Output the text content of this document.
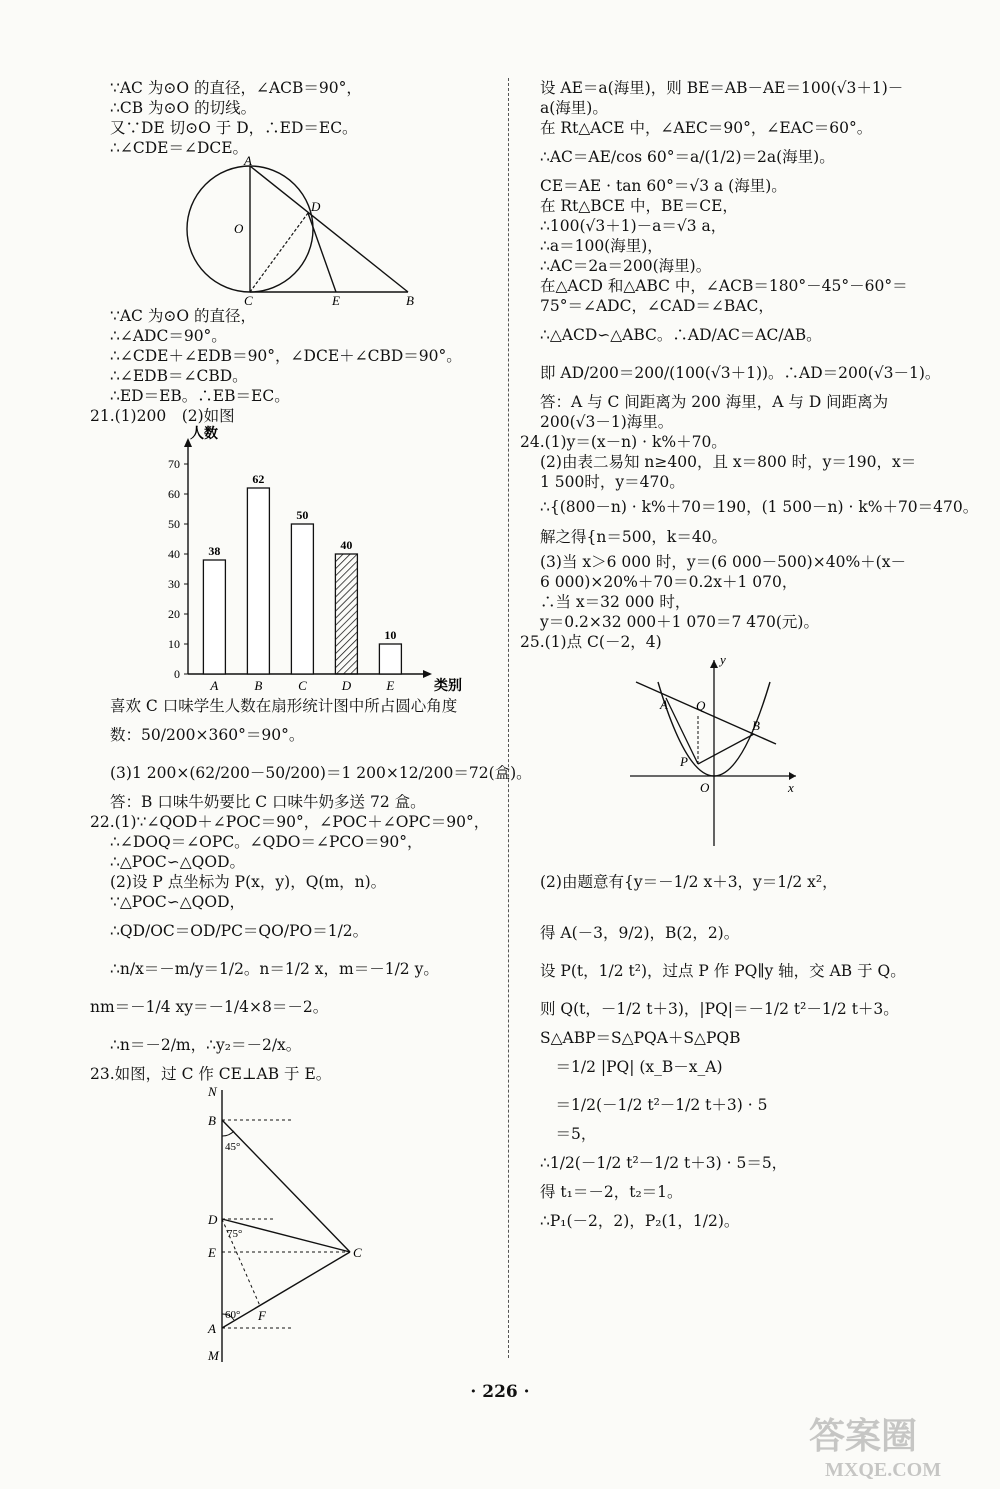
∵AC 为⊙O 的直径，∠ACB＝90°，
∴CB 为⊙O 的切线。
又∵DE 切⊙O 于 D，∴ED＝EC。
∴∠CDE＝∠DCE。
A
O
D
C	E	B
∵AC 为⊙O 的直径，
∴∠ADC＝90°。
∴∠CDE＋∠EDB＝90°，∠DCE＋∠CBD＝90°。
∴∠EDB＝∠CBD。
∴ED＝EB。∴EB＝EC。
21.(1)200　(2)如图
0
10
20
30
40
50
60
70
人数
类别
38
A
62
B
50
C
40
D
10
E
喜欢 C 口味学生人数在扇形统计图中所占圆心角度
数：50/200×360°＝90°。
(3)1 200×(62/200－50/200)＝1 200×12/200＝72(盒)。
答：B 口味牛奶要比 C 口味牛奶多送 72 盒。
22.(1)∵∠QOD＋∠POC＝90°，∠POC＋∠OPC＝90°，
∴∠DOQ＝∠OPC。∠QDO＝∠PCO＝90°，
∴△POC∽△QOD。
(2)设 P 点坐标为 P(x，y)，Q(m，n)。
∵△POC∽△QOD，
∴QD/OC＝OD/PC＝QO/PO＝1/2。
∴n/x＝－m/y＝1/2。n＝1/2 x，m＝－1/2 y。
nm＝－1/4 xy＝－1/4×8＝－2。
∴n＝－2/m，∴y₂＝－2/x。
23.如图，过 C 作 CE⊥AB 于 E。
N
B
45°
D
75°
E	C
60° F
A
M
设 AE＝a(海里)，则 BE＝AB－AE＝100(√3＋1)－
a(海里)。
在 Rt△ACE 中，∠AEC＝90°，∠EAC＝60°。
∴AC＝AE/cos 60°＝a/(1/2)＝2a(海里)。
CE＝AE · tan 60°＝√3 a (海里)。
在 Rt△BCE 中，BE＝CE，
∴100(√3＋1)－a＝√3 a，
∴a＝100(海里)，
∴AC＝2a＝200(海里)。
在△ACD 和△ABC 中，∠ACB＝180°－45°－60°＝
75°＝∠ADC，∠CAD＝∠BAC，
∴△ACD∽△ABC。∴AD/AC＝AC/AB。
即 AD/200＝200/(100(√3＋1))。∴AD＝200(√3－1)。
答：A 与 C 间距离为 200 海里，A 与 D 间距离为
200(√3－1)海里。
24.(1)y＝(x－n) · k%＋70。
(2)由表二易知 n≥400，且 x＝800 时，y＝190，x＝
1 500时，y＝470。
∴{(800－n) · k%＋70＝190，(1 500－n) · k%＋70＝470。
解之得{n＝500，k＝40。
(3)当 x＞6 000 时，y＝(6 000－500)×40%＋(x－
6 000)×20%＋70＝0.2x＋1 070，
∴当 x＝32 000 时，
y＝0.2×32 000＋1 070＝7 470(元)。
25.(1)点 C(－2，4)
y
Q
A
B
P
O	x
(2)由题意有{y＝－1/2 x＋3，y＝1/2 x²，
得 A(－3，9/2)，B(2，2)。
设 P(t，1/2 t²)，过点 P 作 PQ∥y 轴，交 AB 于 Q。
则 Q(t，－1/2 t＋3)，|PQ|＝－1/2 t²－1/2 t＋3。
S△ABP＝S△PQA＋S△PQB
　＝1/2 |PQ| (x_B－x_A)
　＝1/2(－1/2 t²－1/2 t＋3) · 5
　＝5，
∴1/2(－1/2 t²－1/2 t＋3) · 5＝5，
得 t₁＝－2，t₂＝1。
∴P₁(－2，2)，P₂(1，1/2)。
· 226 ·
答案圈
MXQE.COM
